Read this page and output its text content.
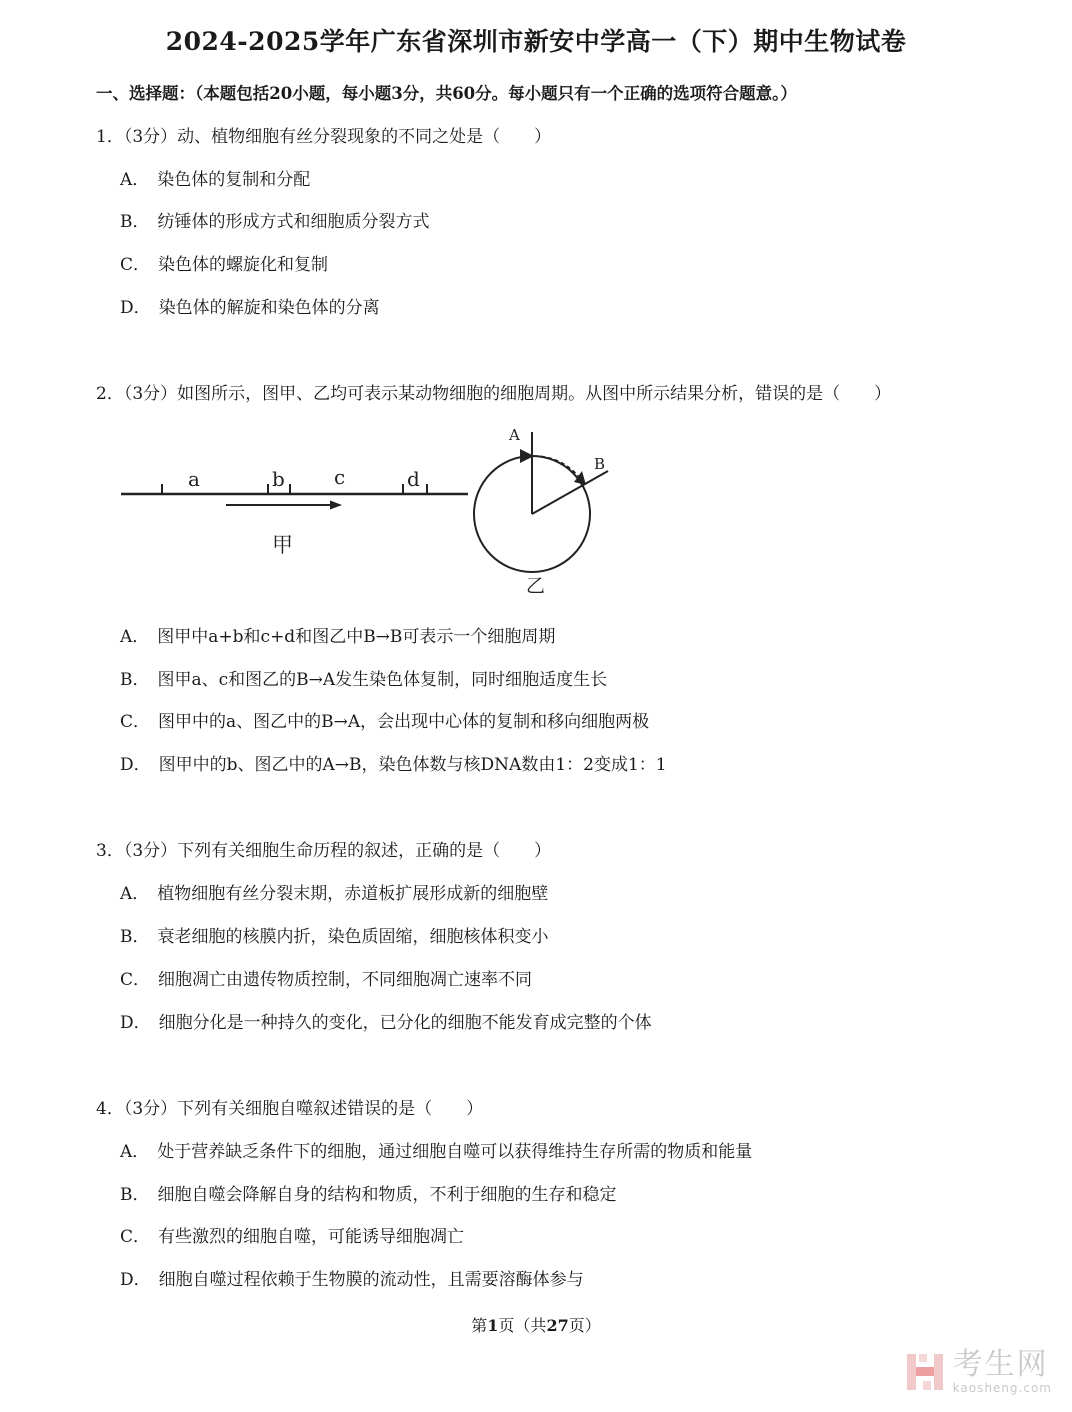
2024-2025学年广东省深圳市新安中学高一（下）期中生物试卷
一、选择题：（本题包括20小题，每小题3分，共60分。每小题只有一个正确的选项符合题意。）
1．（3分）动、植物细胞有丝分裂现象的不同之处是（　　）
A． 染色体的复制和分配
B． 纺锤体的形成方式和细胞质分裂方式
C． 染色体的螺旋化和复制
D． 染色体的解旋和染色体的分离
2．（3分）如图所示，图甲、乙均可表示某动物细胞的细胞周期。从图中所示结果分析，错误的是（　　）
a	b c	d
甲
A
B
乙
A． 图甲中a+b和c+d和图乙中B→B可表示一个细胞周期
B． 图甲a、c和图乙的B→A发生染色体复制，同时细胞适度生长
C． 图甲中的a、图乙中的B→A，会出现中心体的复制和移向细胞两极
D． 图甲中的b、图乙中的A→B，染色体数与核DNA数由1：2变成1：1
3．（3分）下列有关细胞生命历程的叙述，正确的是（　　）
A． 植物细胞有丝分裂末期，赤道板扩展形成新的细胞壁
B． 衰老细胞的核膜内折，染色质固缩，细胞核体积变小
C． 细胞凋亡由遗传物质控制，不同细胞凋亡速率不同
D． 细胞分化是一种持久的变化，已分化的细胞不能发育成完整的个体
4．（3分）下列有关细胞自噬叙述错误的是（　　）
A． 处于营养缺乏条件下的细胞，通过细胞自噬可以获得维持生存所需的物质和能量
B． 细胞自噬会降解自身的结构和物质，不利于细胞的生存和稳定
C． 有些激烈的细胞自噬，可能诱导细胞凋亡
D． 细胞自噬过程依赖于生物膜的流动性，且需要溶酶体参与
第1页（共27页）
考生网
kaosheng.com
